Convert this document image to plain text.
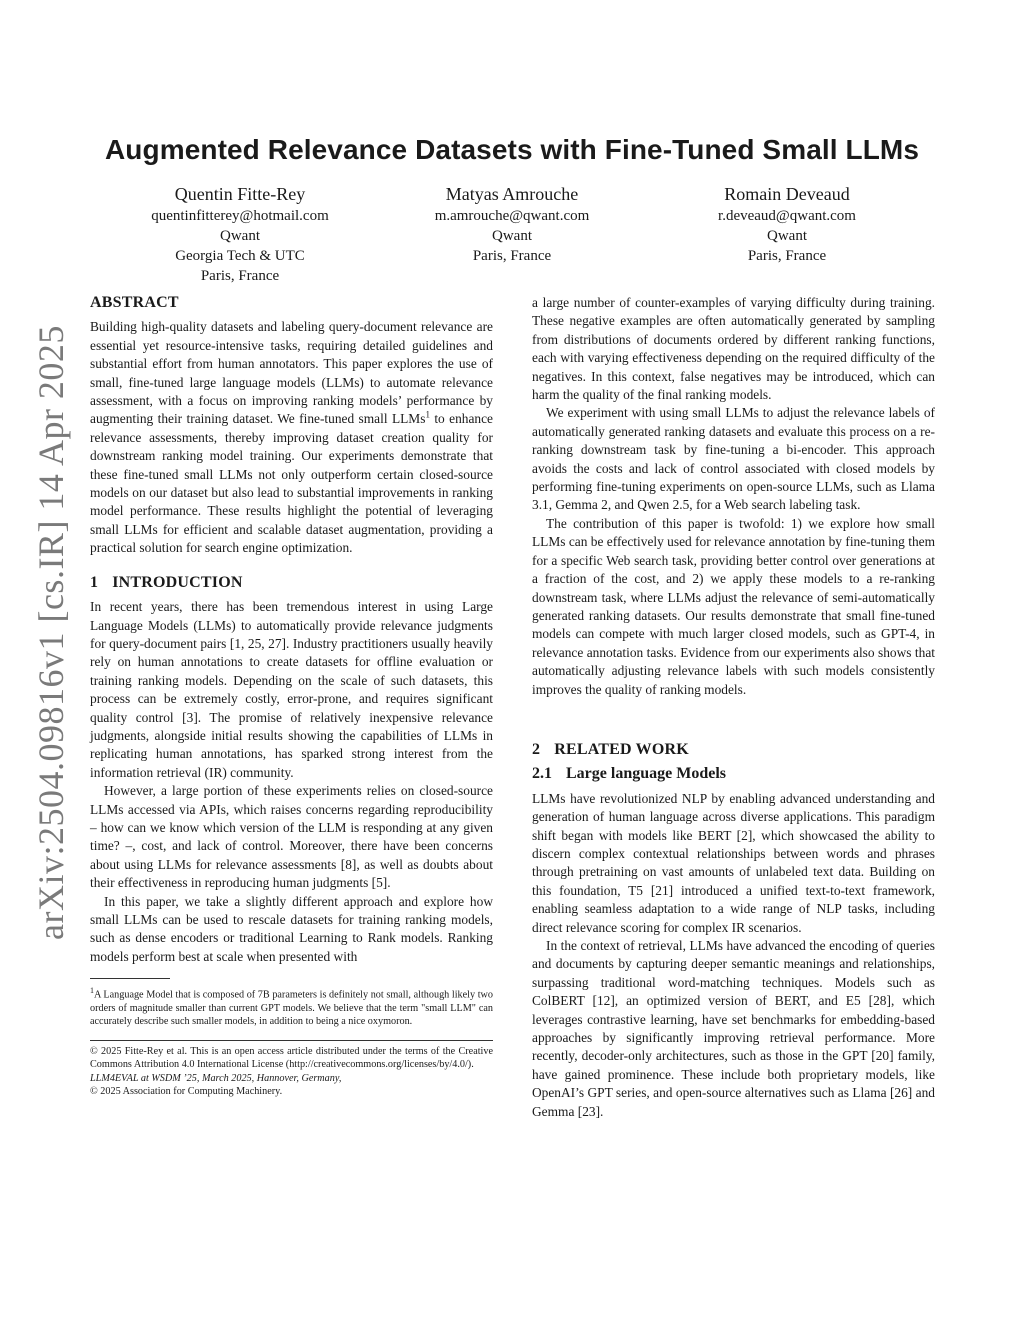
arXiv:2504.09816v1 [cs.IR] 14 Apr 2025
Augmented Relevance Datasets with Fine-Tuned Small LLMs
Quentin Fitte-Rey
quentinfitterey@hotmail.com
Qwant
Georgia Tech & UTC
Paris, France
Matyas Amrouche
m.amrouche@qwant.com
Qwant
Paris, France
Romain Deveaud
r.deveaud@qwant.com
Qwant
Paris, France
ABSTRACT

Building high-quality datasets and labeling query-document relevance are essential yet resource-intensive tasks, requiring detailed guidelines and substantial effort from human annotators. This paper explores the use of small, fine-tuned large language models (LLMs) to automate relevance assessment, with a focus on improving ranking models’ performance by augmenting their training dataset. We fine-tuned small LLMs$^1$ to enhance relevance assessments, thereby improving dataset creation quality for downstream ranking model training. Our experiments demonstrate that these fine-tuned small LLMs not only outperform certain closed-source models on our dataset but also lead to substantial improvements in ranking model performance. These results highlight the potential of leveraging small LLMs for efficient and scalable dataset augmentation, providing a practical solution for search engine optimization.

1 INTRODUCTION

In recent years, there has been tremendous interest in using Large Language Models (LLMs) to automatically provide relevance judgments for query-document pairs [1, 25, 27]. Industry practitioners usually heavily rely on human annotations to create datasets for offline evaluation or training ranking models. Depending on the scale of such datasets, this process can be extremely costly, error-prone, and requires significant quality control [3]. The promise of relatively inexpensive relevance judgments, alongside initial results showing the capabilities of LLMs in replicating human annotations, has sparked strong interest from the information retrieval (IR) community.

However, a large portion of these experiments relies on closed-source LLMs accessed via APIs, which raises concerns regarding reproducibility – how can we know which version of the LLM is responding at any given time? –, cost, and lack of control. Moreover, there have been concerns about using LLMs for relevance assessments [8], as well as doubts about their effectiveness in reproducing human judgments [5].

In this paper, we take a slightly different approach and explore how small LLMs can be used to rescale datasets for training ranking models, such as dense encoders or traditional Learning to Rank models. Ranking models perform best at scale when presented with

$^1$A Language Model that is composed of 7B parameters is definitely not small, although likely two orders of magnitude smaller than current GPT models. We believe that the term "small LLM" can accurately describe such smaller models, in addition to being a nice oxymoron.
© 2025 Fitte-Rey et al. This is an open access article distributed under the terms of the Creative Commons Attribution 4.0 International License (http://creativecommons.org/licenses/by/4.0/).
LLM4EVAL at WSDM ’25, March 2025, Hannover, Germany,
© 2025 Association for Computing Machinery.

a large number of counter-examples of varying difficulty during training. These negative examples are often automatically generated by sampling from distributions of documents ordered by different ranking functions, each with varying effectiveness depending on the required difficulty of the negatives. In this context, false negatives may be introduced, which can harm the quality of the final ranking models.

We experiment with using small LLMs to adjust the relevance labels of automatically generated ranking datasets and evaluate this process on a re-ranking downstream task by fine-tuning a bi-encoder. This approach avoids the costs and lack of control associated with closed models by performing fine-tuning experiments on open-source LLMs, such as Llama 3.1, Gemma 2, and Qwen 2.5, for a Web search labeling task.

The contribution of this paper is twofold: 1) we explore how small LLMs can be effectively used for relevance annotation by fine-tuning them for a specific Web search task, providing better control over generations at a fraction of the cost, and 2) we apply these models to a re-ranking downstream task, where LLMs adjust the relevance of semi-automatically generated ranking datasets. Our results demonstrate that small fine-tuned models can compete with much larger closed models, such as GPT-4, in relevance annotation tasks. Evidence from our experiments also shows that automatically adjusting relevance labels with such models consistently improves the quality of ranking models.

2 RELATED WORK
2.1 Large language Models

LLMs have revolutionized NLP by enabling advanced understanding and generation of human language across diverse applications. This paradigm shift began with models like BERT [2], which showcased the ability to discern complex contextual relationships between words and phrases through pretraining on vast amounts of unlabeled text data. Building on this foundation, T5 [21] introduced a unified text-to-text framework, enabling seamless adaptation to a wide range of NLP tasks, including direct relevance scoring for complex IR scenarios.

In the context of retrieval, LLMs have advanced the encoding of queries and documents by capturing deeper semantic meanings and relationships, surpassing traditional word-matching techniques. Models such as ColBERT [12], an optimized version of BERT, and E5 [28], which leverages contrastive learning, have set benchmarks for embedding-based approaches by significantly improving retrieval performance. More recently, decoder-only architectures, such as those in the GPT [20] family, have gained prominence. These include both proprietary models, like OpenAI’s GPT series, and open-source alternatives such as Llama [26] and Gemma [23].
